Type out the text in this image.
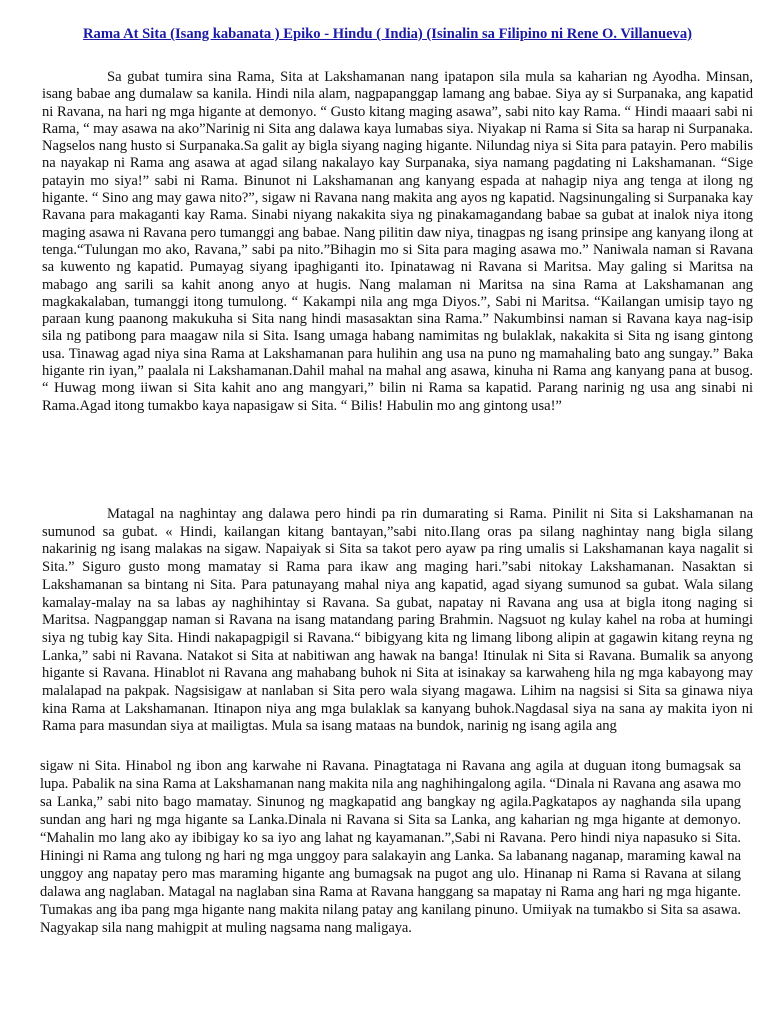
Rama At Sita (Isang kabanata ) Epiko - Hindu ( India) (Isinalin sa Filipino ni Rene O. Villanueva)

Sa gubat tumira sina Rama, Sita at Lakshamanan nang ipatapon sila mula sa kaharian ng Ayodha. Minsan, isang babae ang dumalaw sa kanila. Hindi nila alam, nagpapanggap lamang ang babae. Siya ay si Surpanaka, ang kapatid ni Ravana, na hari ng mga higante at demonyo. “ Gusto kitang maging asawa”, sabi nito kay Rama. “ Hindi maaari sabi ni Rama, “ may asawa na ako”Narinig ni Sita ang dalawa kaya lumabas siya. Niyakap ni Rama si Sita sa harap ni Surpanaka. Nagselos nang husto si Surpanaka.Sa galit ay bigla siyang naging higante. Nilundag niya si Sita para patayin. Pero mabilis na nayakap ni Rama ang asawa at agad silang nakalayo kay Surpanaka, siya namang pagdating ni Lakshamanan. “Sige patayin mo siya!” sabi ni Rama. Binunot ni Lakshamanan ang kanyang espada at nahagip niya ang tenga at ilong ng higante. “ Sino ang may gawa nito?”, sigaw ni Ravana nang makita ang ayos ng kapatid. Nagsinungaling si Surpanaka kay Ravana para makaganti kay Rama. Sinabi niyang nakakita siya ng pinakamagandang babae sa gubat at inalok niya itong maging asawa ni Ravana pero tumanggi ang babae. Nang pilitin daw niya, tinagpas ng isang prinsipe ang kanyang ilong at tenga.“Tulungan mo ako, Ravana,” sabi pa nito.”Bihagin mo si Sita para maging asawa mo.” Naniwala naman si Ravana sa kuwento ng kapatid. Pumayag siyang ipaghiganti ito. Ipinatawag ni Ravana si Maritsa. May galing si Maritsa na mabago ang sarili sa kahit anong anyo at hugis. Nang malaman ni Maritsa na sina Rama at Lakshamanan ang magkakalaban, tumanggi itong tumulong. “ Kakampi nila ang mga Diyos.”, Sabi ni Maritsa. “Kailangan umisip tayo ng paraan kung paanong makukuha si Sita nang hindi masasaktan sina Rama.” Nakumbinsi naman si Ravana kaya nag-isip sila ng patibong para maagaw nila si Sita. Isang umaga habang namimitas ng bulaklak, nakakita si Sita ng isang gintong usa. Tinawag agad niya sina Rama at Lakshamanan para hulihin ang usa na puno ng mamahaling bato ang sungay.” Baka higante rin iyan,” paalala ni Lakshamanan.Dahil mahal na mahal ang asawa, kinuha ni Rama ang kanyang pana at busog. “ Huwag mong iiwan si Sita kahit ano ang mangyari,” bilin ni Rama sa kapatid. Parang narinig ng usa ang sinabi ni Rama.Agad itong tumakbo kaya napasigaw si Sita. “ Bilis! Habulin mo ang gintong usa!”

Matagal na naghintay ang dalawa pero hindi pa rin dumarating si Rama. Pinilit ni Sita si Lakshamanan na sumunod sa gubat. « Hindi, kailangan kitang bantayan,”sabi nito.Ilang oras pa silang naghintay nang bigla silang nakarinig ng isang malakas na sigaw. Napaiyak si Sita sa takot pero ayaw pa ring umalis si Lakshamanan kaya nagalit si Sita.” Siguro gusto mong mamatay si Rama para ikaw ang maging hari.”sabi nitokay Lakshamanan. Nasaktan si Lakshamanan sa bintang ni Sita. Para patunayang mahal niya ang kapatid, agad siyang sumunod sa gubat. Wala silang kamalay-malay na sa labas ay naghihintay si Ravana. Sa gubat, napatay ni Ravana ang usa at bigla itong naging si Maritsa. Nagpanggap naman si Ravana na isang matandang paring Brahmin. Nagsuot ng kulay kahel na roba at humingi siya ng tubig kay Sita. Hindi nakapagpigil si Ravana.“ bibigyang kita ng limang libong alipin at gagawin kitang reyna ng Lanka,” sabi ni Ravana. Natakot si Sita at nabitiwan ang hawak na banga! Itinulak ni Sita si Ravana. Bumalik sa anyong higante si Ravana. Hinablot ni Ravana ang mahabang buhok ni Sita at isinakay sa karwaheng hila ng mga kabayong may malalapad na pakpak. Nagsisigaw at nanlaban si Sita pero wala siyang magawa. Lihim na nagsisi si Sita sa ginawa niya kina Rama at Lakshamanan. Itinapon niya ang mga bulaklak sa kanyang buhok.Nagdasal siya na sana ay makita iyon ni Rama para masundan siya at mailigtas. Mula sa isang mataas na bundok, narinig ng isang agila ang

sigaw ni Sita. Hinabol ng ibon ang karwahe ni Ravana. Pinagtataga ni Ravana ang agila at duguan itong bumagsak sa lupa. Pabalik na sina Rama at Lakshamanan nang makita nila ang naghihingalong agila. “Dinala ni Ravana ang asawa mo sa Lanka,” sabi nito bago mamatay. Sinunog ng magkapatid ang bangkay ng agila.Pagkatapos ay naghanda sila upang sundan ang hari ng mga higante sa Lanka.Dinala ni Ravana si Sita sa Lanka, ang kaharian ng mga higante at demonyo. “Mahalin mo lang ako ay ibibigay ko sa iyo ang lahat ng kayamanan.”,Sabi ni Ravana. Pero hindi niya napasuko si Sita. Hiningi ni Rama ang tulong ng hari ng mga unggoy para salakayin ang Lanka. Sa labanang naganap, maraming kawal na unggoy ang napatay pero mas maraming higante ang bumagsak na pugot ang ulo. Hinanap ni Rama si Ravana at silang dalawa ang naglaban. Matagal na naglaban sina Rama at Ravana hanggang sa mapatay ni Rama ang hari ng mga higante. Tumakas ang iba pang mga higante nang makita nilang patay ang kanilang pinuno. Umiiyak na tumakbo si Sita sa asawa. Nagyakap sila nang mahigpit at muling nagsama nang maligaya.
